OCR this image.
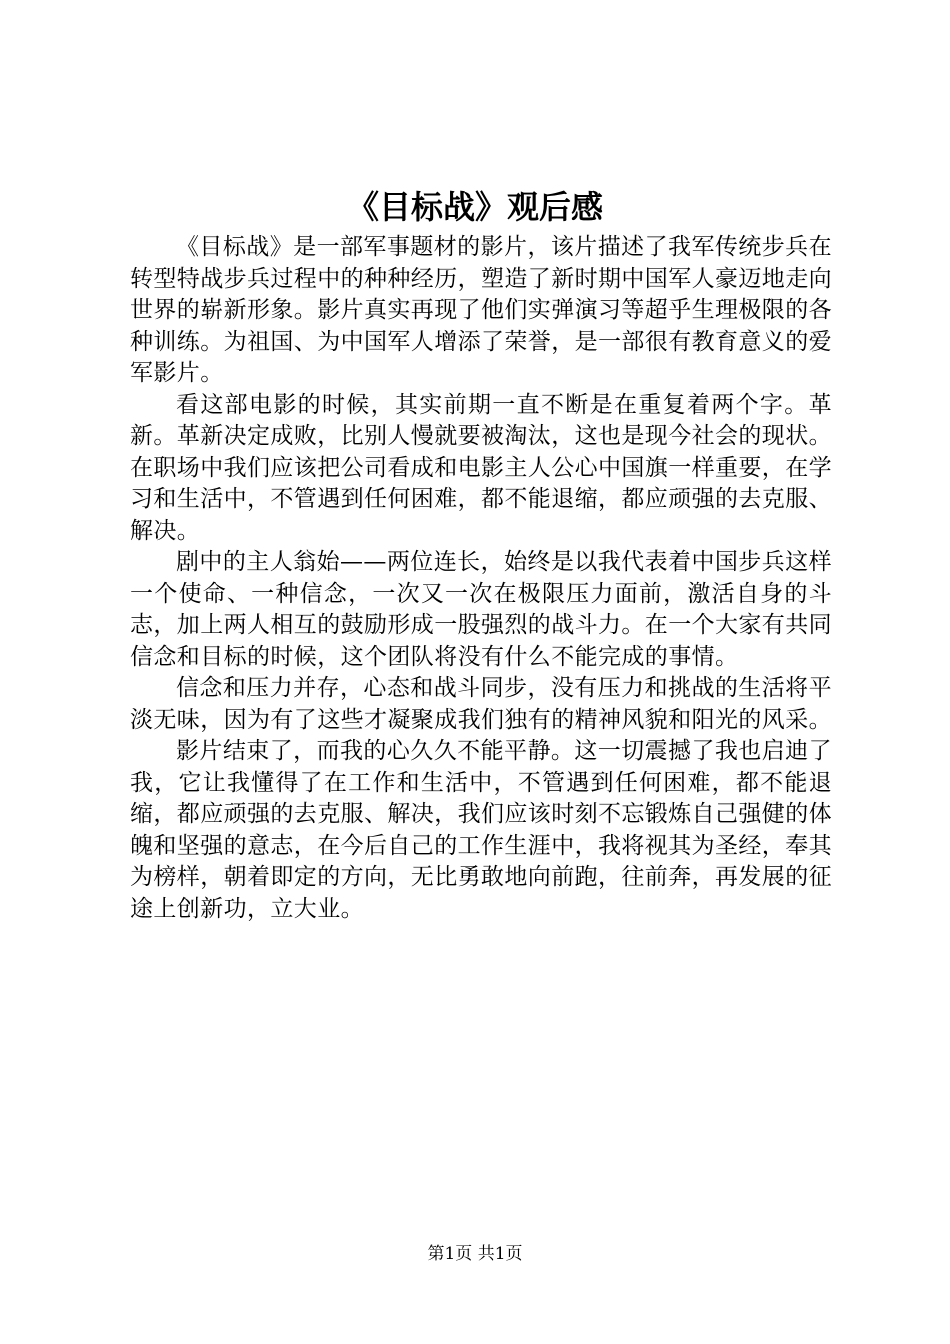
《目标战》观后感

《目标战》是一部军事题材的影片，该片描述了我军传统步兵在转型特战步兵过程中的种种经历，塑造了新时期中国军人豪迈地走向世界的崭新形象。影片真实再现了他们实弹演习等超乎生理极限的各种训练。为祖国、为中国军人增添了荣誉，是一部很有教育意义的爱军影片。

看这部电影的时候，其实前期一直不断是在重复着两个字。革新。革新决定成败，比别人慢就要被淘汰，这也是现今社会的现状。在职场中我们应该把公司看成和电影主人公心中国旗一样重要，在学习和生活中，不管遇到任何困难，都不能退缩，都应顽强的去克服、解决。

剧中的主人翁始——两位连长，始终是以我代表着中国步兵这样一个使命、一种信念，一次又一次在极限压力面前，激活自身的斗志，加上两人相互的鼓励形成一股强烈的战斗力。在一个大家有共同信念和目标的时候，这个团队将没有什么不能完成的事情。

信念和压力并存，心态和战斗同步，没有压力和挑战的生活将平淡无味，因为有了这些才凝聚成我们独有的精神风貌和阳光的风采。

影片结束了，而我的心久久不能平静。这一切震撼了我也启迪了我，它让我懂得了在工作和生活中，不管遇到任何困难，都不能退缩，都应顽强的去克服、解决，我们应该时刻不忘锻炼自己强健的体魄和坚强的意志，在今后自己的工作生涯中，我将视其为圣经，奉其为榜样，朝着即定的方向，无比勇敢地向前跑，往前奔，再发展的征途上创新功，立大业。

第1页 共1页
